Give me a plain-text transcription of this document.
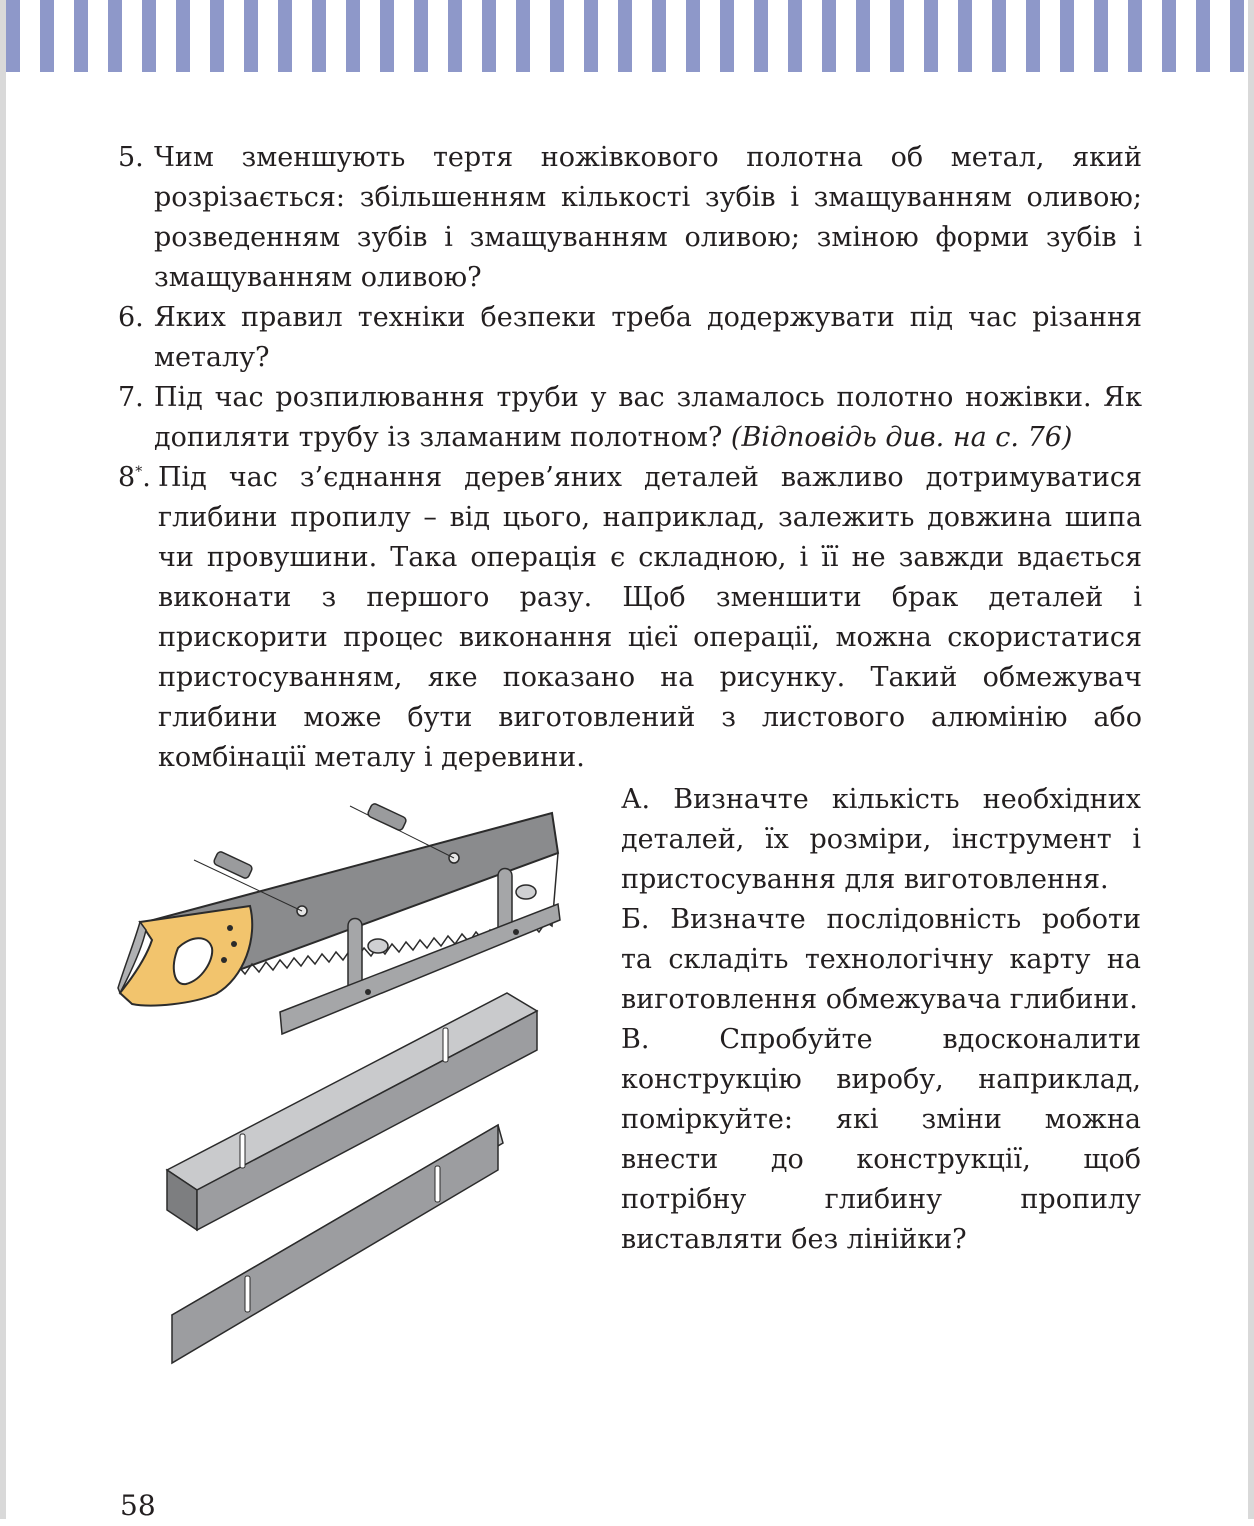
5. Чим зменшують тертя ножівкового полотна об метал, який розрізається: збільшенням кількості зубів і змащуванням оливою; розведенням зубів і змащуванням оливою; зміною форми зубів і змащуванням оливою?
6. Яких правил техніки безпеки треба додержувати під час різання металу?
7. Під час розпилювання труби у вас зламалось полотно ножівки. Як допиляти трубу із зламаним полотном? (Відповідь див. на с. 76)
8*. Під час з’єднання дерев’яних деталей важливо дотримуватися глибини пропилу – від цього, наприклад, залежить довжина шипа чи провушини. Така операція є складною, і її не завжди вдається виконати з першого разу. Щоб зменшити брак деталей і прискорити процес виконання цієї операції, можна скористатися пристосуванням, яке показано на рисунку. Такий обмежувач глибини може бути виготовлений з листового алюмінію або комбінації металу і деревини.
А. Визначте кількість необхідних деталей, їх розміри, інструмент і пристосування для виготовлення.
Б. Визначте послідовність роботи та складіть технологічну карту на виготовлення обмежувача глибини.
В. Спробуйте вдосконалити конструкцію виробу, наприклад, поміркуйте: які зміни можна внести до конструкції, щоб потрібну глибину пропилу виставляти без лінійки?
58
